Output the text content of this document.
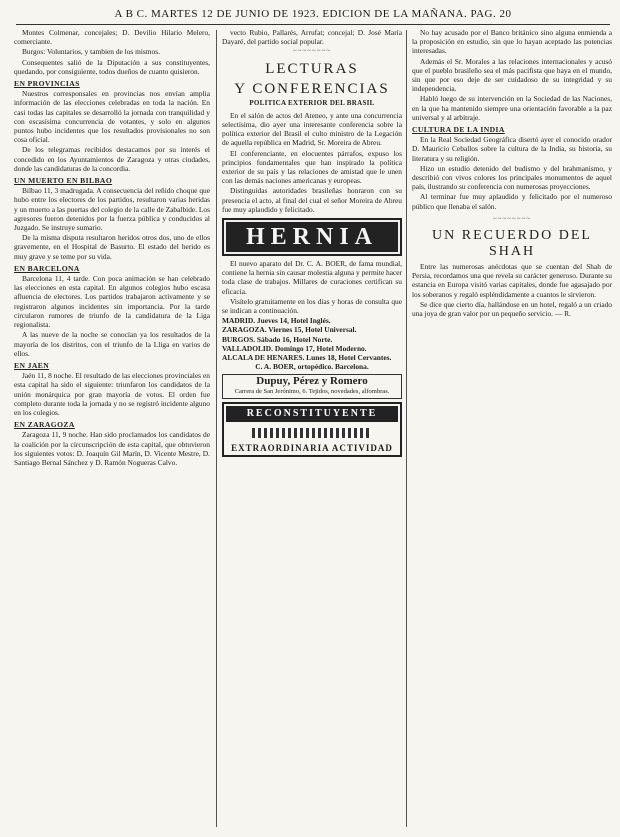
A B C. MARTES 12 DE JUNIO DE 1923. EDICION DE LA MAÑANA. PAG. 20

Montes Colmenar, concejales; D. Devilio Hilario Melero, comerciante.

Burgos: Voluntarios, y tambien de los mismos.

Consequentes salió de la Diputación a sus constituyentes, quedando, por consiguiente, todos dueños de cuanto quisieron.

EN PROVINCIAS

Nuestros corresponsales en provincias nos envían amplia información de las elecciones celebradas en toda la nación. En casi todas las capitales se desarrolló la jornada con tranquilidad y con escasísima concurrencia de votantes, y solo en algunos puntos hubo incidentes que los resultados provisionales no son cosa oficial.

De los telegramas recibidos destacamos por su interés el concedido en los Ayuntamientos de Zaragoza y otras ciudades, donde las candidaturas de la concordia.

UN MUERTO EN BILBAO

Bilbao 11, 3 madrugada. A consecuencia del reñido choque que hubo entre los electores de los partidos, resultaron varias heridas y un muerto a las puertas del colegio de la calle de Zabalbide. Los agresores fueron detenidos por la fuerza pública y conducidos al Juzgado. Se instruye sumario.

De la misma disputa resultaron heridos otros dos, uno de ellos gravemente, en el Hospital de Basurto. El estado del herido es muy grave y se teme por su vida.

EN BARCELONA

Barcelona 11, 4 tarde. Con poca animación se han celebrado las elecciones en esta capital. En algunos colegios hubo escasa afluencia de electores. Los partidos trabajaron activamente y se registraron algunos incidentes sin importancia. Por la tarde circularon rumores de triunfo de la candidatura de la Liga regionalista.

A las nueve de la noche se conocían ya los resultados de la mayoría de los distritos, con el triunfo de la Lliga en varios de ellos.

EN JAEN

Jaén 11, 8 noche. El resultado de las elecciones provinciales en esta capital ha sido el siguiente: triunfaron los candidatos de la unión monárquica por gran mayoría de votos. El orden fue completo durante toda la jornada y no se registró incidente alguno en los colegios.

EN ZARAGOZA

Zaragoza 11, 9 noche. Han sido proclamados los candidatos de la coalición por la circunscripción de esta capital, que obtuvieron los siguientes votos: D. Joaquín Gil Marín, D. Vicente Mestre, D. Santiago Bernal Sánchez y D. Ramón Nogueras Calvo.

vecto Rubio, Pallarés, Arrufat; concejal; D. José María Dayaré, del partido social popular.

~~~~~~~~
LECTURAS
Y CONFERENCIAS
POLITICA EXTERIOR DEL BRASIL

En el salón de actos del Ateneo, y ante una concurrencia selectísima, dio ayer una interesante conferencia sobre la política exterior del Brasil el culto ministro de la Legación de aquella república en Madrid, Sr. Moreira de Abreu.

El conferenciante, en elocuentes párrafos, expuso los principios fundamentales que han inspirado la política exterior de su país y las relaciones de amistad que le unen con las demás naciones americanas y europeas.

Distinguidas autoridades brasileñas honraron con su presencia el acto, al final del cual el señor Moreira de Abreu fue muy aplaudido y felicitado.

HERNIA

El nuevo aparato del Dr. C. A. BOER, de fama mundial, contiene la hernia sin causar molestia alguna y permite hacer toda clase de trabajos. Millares de curaciones certifican su eficacia.

Visítelo gratuitamente en los días y horas de consulta que se indican a continuación.

MADRID. Jueves 14, Hotel Inglés.
ZARAGOZA. Viernes 15, Hotel Universal.
BURGOS. Sábado 16, Hotel Norte.
VALLADOLID. Domingo 17, Hotel Moderno.
ALCALA DE HENARES. Lunes 18, Hotel Cervantes.
C. A. BOER, ortopédico. Barcelona.
Dupuy, Pérez y Romero
Carrera de San Jerónimo, 6. Tejidos, novedades, alfombras.
RECONSTITUYENTE
EXTRAORDINARIA ACTIVIDAD

No hay acusado por el Banco británico sino alguna enmienda a la proposición en estudio, sin que lo hayan aceptado las potencias interesadas.

Además el Sr. Morales a las relaciones internacionales y acusó que el pueblo brasileño sea el más pacifista que haya en el mundo, sin que por eso deje de ser cuidadoso de su integridad y su independencia.

Habló luego de su intervención en la Sociedad de las Naciones, en la que ha mantenido siempre una orientación favorable a la paz universal y al arbitraje.

CULTURA DE LA INDIA

En la Real Sociedad Geográfica disertó ayer el conocido orador D. Mauricio Ceballos sobre la cultura de la India, su historia, su literatura y su religión.

Hizo un estudio detenido del budismo y del brahmanismo, y describió con vivos colores los principales monumentos de aquel país, ilustrando su conferencia con numerosas proyecciones.

Al terminar fue muy aplaudido y felicitado por el numeroso público que llenaba el salón.

~~~~~~~~
UN RECUERDO DEL SHAH

Entre las numerosas anécdotas que se cuentan del Shah de Persia, recordamos una que revela su carácter generoso. Durante su estancia en Europa visitó varias capitales, donde fue agasajado por los soberanos y regaló espléndidamente a cuantos le sirvieron.

Se dice que cierto día, hallándose en un hotel, regaló a un criado una joya de gran valor por un pequeño servicio. — R.
